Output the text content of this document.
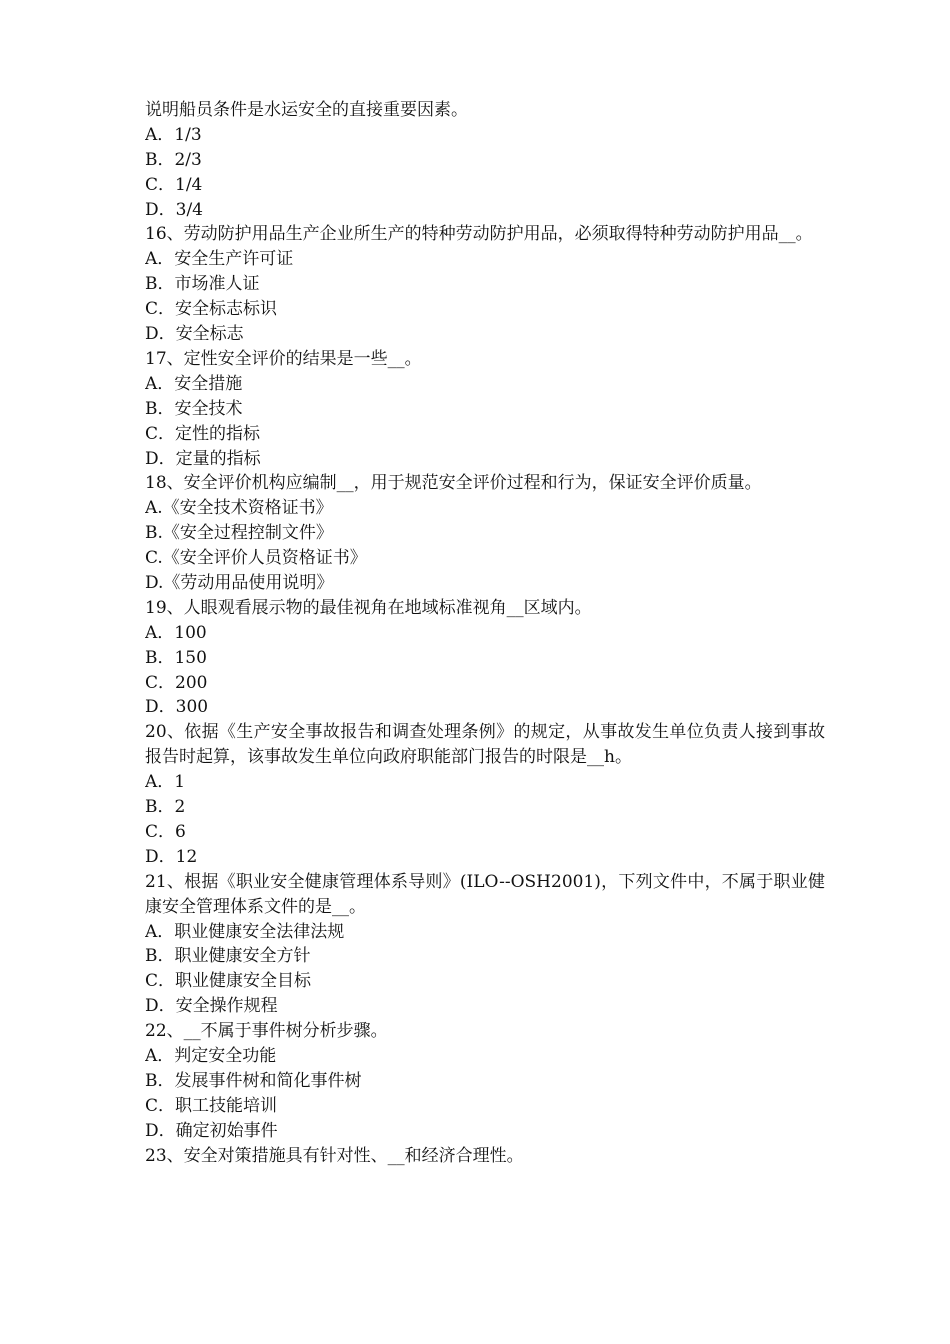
说明船员条件是水运安全的直接重要因素。
A．1/3
B．2/3
C．1/4
D．3/4
16、劳动防护用品生产企业所生产的特种劳动防护用品，必须取得特种劳动防护用品__。
A．安全生产许可证
B．市场准人证
C．安全标志标识
D．安全标志
17、定性安全评价的结果是一些__。
A．安全措施
B．安全技术
C．定性的指标
D．定量的指标
18、安全评价机构应编制__，用于规范安全评价过程和行为，保证安全评价质量。
A.《安全技术资格证书》
B.《安全过程控制文件》
C.《安全评价人员资格证书》
D.《劳动用品使用说明》
19、人眼观看展示物的最佳视角在地域标准视角__区域内。
A．100
B．150
C．200
D．300
20、依据《生产安全事故报告和调查处理条例》的规定，从事故发生单位负责人接到事故报告时起算，该事故发生单位向政府职能部门报告的时限是__h。
A．1
B．2
C．6
D．12
21、根据《职业安全健康管理体系导则》(ILO--OSH2001)，下列文件中，不属于职业健康安全管理体系文件的是__。
A．职业健康安全法律法规
B．职业健康安全方针
C．职业健康安全目标
D．安全操作规程
22、__不属于事件树分析步骤。
A．判定安全功能
B．发展事件树和简化事件树
C．职工技能培训
D．确定初始事件
23、安全对策措施具有针对性、__和经济合理性。
